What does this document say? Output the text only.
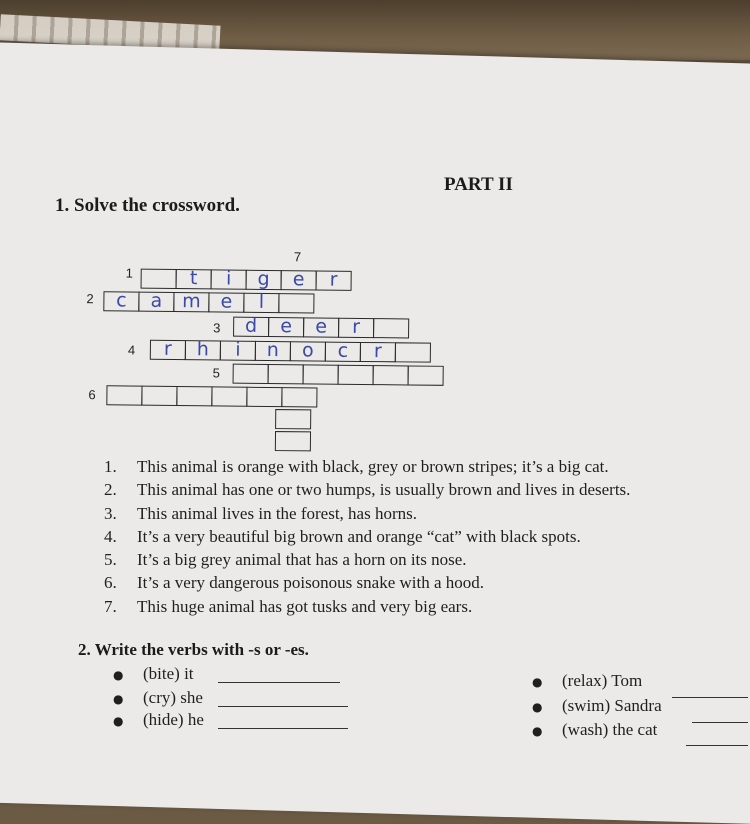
PART II
1. Solve the crossword.
7
1
2
3
4
5
6
t	i	g	e	r
c	a	m	e	l
d	e	e	r
r	h	i	n	o	c	r
1. This animal is orange with black, grey or brown stripes; it’s a big cat.
2. This animal has one or two humps, is usually brown and lives in deserts.
3. This animal lives in the forest, has horns.
4. It’s a very beautiful big brown and orange “cat” with black spots.
5. It’s a big grey animal that has a horn on its nose.
6. It’s a very dangerous poisonous snake with a hood.
7. This huge animal has got tusks and very big ears.
2. Write the verbs with -s or -es.
● (bite) it
● (cry) she
● (hide) he
● (relax) Tom
● (swim) Sandra
● (wash) the cat
